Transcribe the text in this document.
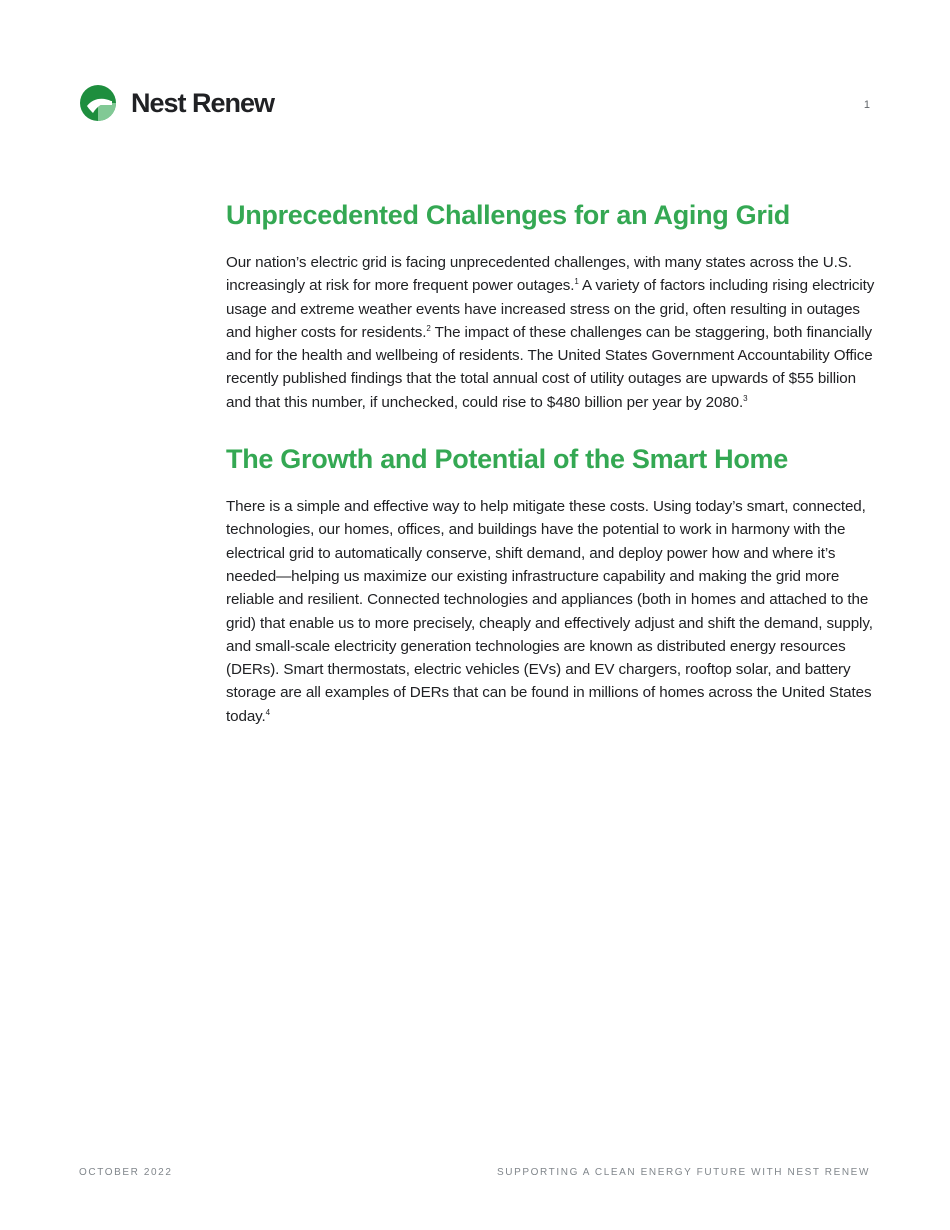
Nest Renew	1
Unprecedented Challenges for an Aging Grid

Our nation’s electric grid is facing unprecedented challenges, with many states across the U.S. increasingly at risk for more frequent power outages.$^1$ A variety of factors including rising electricity usage and extreme weather events have increased stress on the grid, often resulting in outages and higher costs for residents.$^2$ The impact of these challenges can be staggering, both financially and for the health and wellbeing of residents. The United States Government Accountability Office recently published findings that the total annual cost of utility outages are upwards of $55 billion and that this number, if unchecked, could rise to $480 billion per year by 2080.$^3$

The Growth and Potential of the Smart Home

There is a simple and effective way to help mitigate these costs. Using today’s smart, connected, technologies, our homes, offices, and buildings have the potential to work in harmony with the electrical grid to automatically conserve, shift demand, and deploy power how and where it’s needed—helping us maximize our existing infrastructure capability and making the grid more reliable and resilient. Connected technologies and appliances (both in homes and attached to the grid) that enable us to more precisely, cheaply and effectively adjust and shift the demand, supply, and small-scale electricity generation technologies are known as distributed energy resources (DERs). Smart thermostats, electric vehicles (EVs) and EV chargers, rooftop solar, and battery storage are all examples of DERs that can be found in millions of homes across the United States today.$^4$

OCTOBER 2022	SUPPORTING A CLEAN ENERGY FUTURE WITH NEST RENEW
